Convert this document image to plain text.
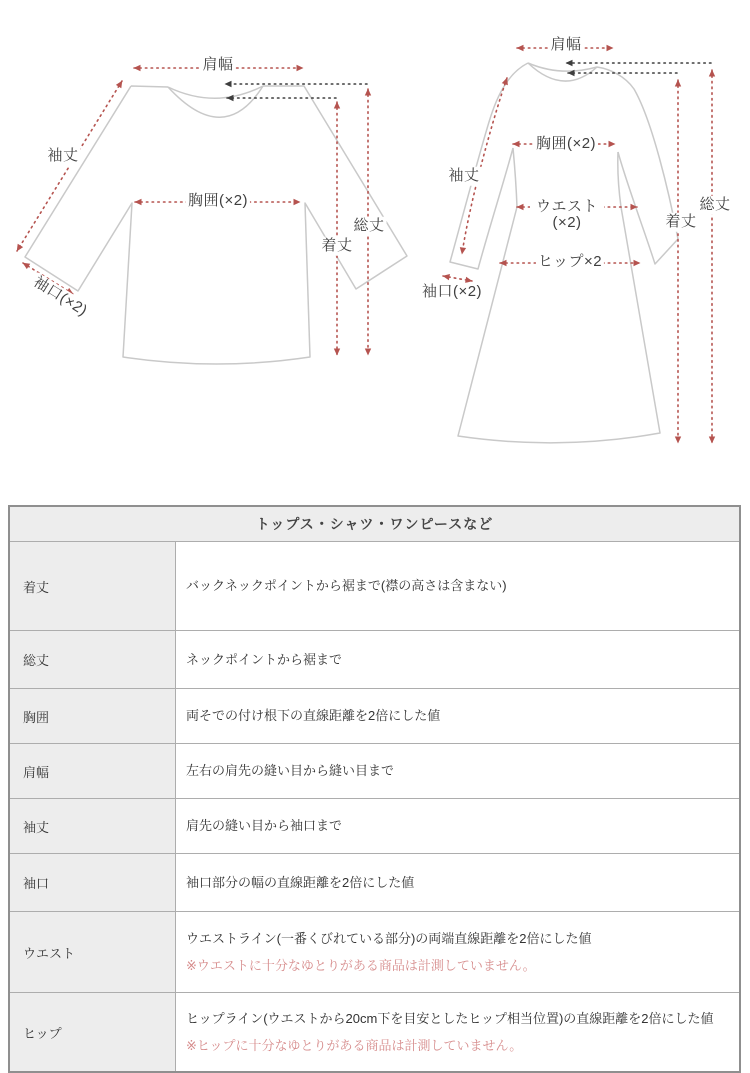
肩幅
袖丈
胸囲(×2)
袖口(×2)
着丈
総丈
肩幅
袖丈
胸囲(×2)
ウエスト
(×2)
ヒップ×2
袖口(×2)
着丈
総丈
トップス・シャツ・ワンピースなど	
着丈	バックネックポイントから裾まで(襟の高さは含まない)
総丈	ネックポイントから裾まで
胸囲	両そでの付け根下の直線距離を2倍にした値
肩幅	左右の肩先の縫い目から縫い目まで
袖丈	肩先の縫い目から袖口まで
袖口	袖口部分の幅の直線距離を2倍にした値
ウエスト	ウエストライン(一番くびれている部分)の両端直線距離を2倍にした値
※ウエストに十分なゆとりがある商品は計測していません。

ヒップ	ヒップライン(ウエストから20cm下を目安としたヒップ相当位置)の直線距離を2倍にした値
※ヒップに十分なゆとりがある商品は計測していません。
